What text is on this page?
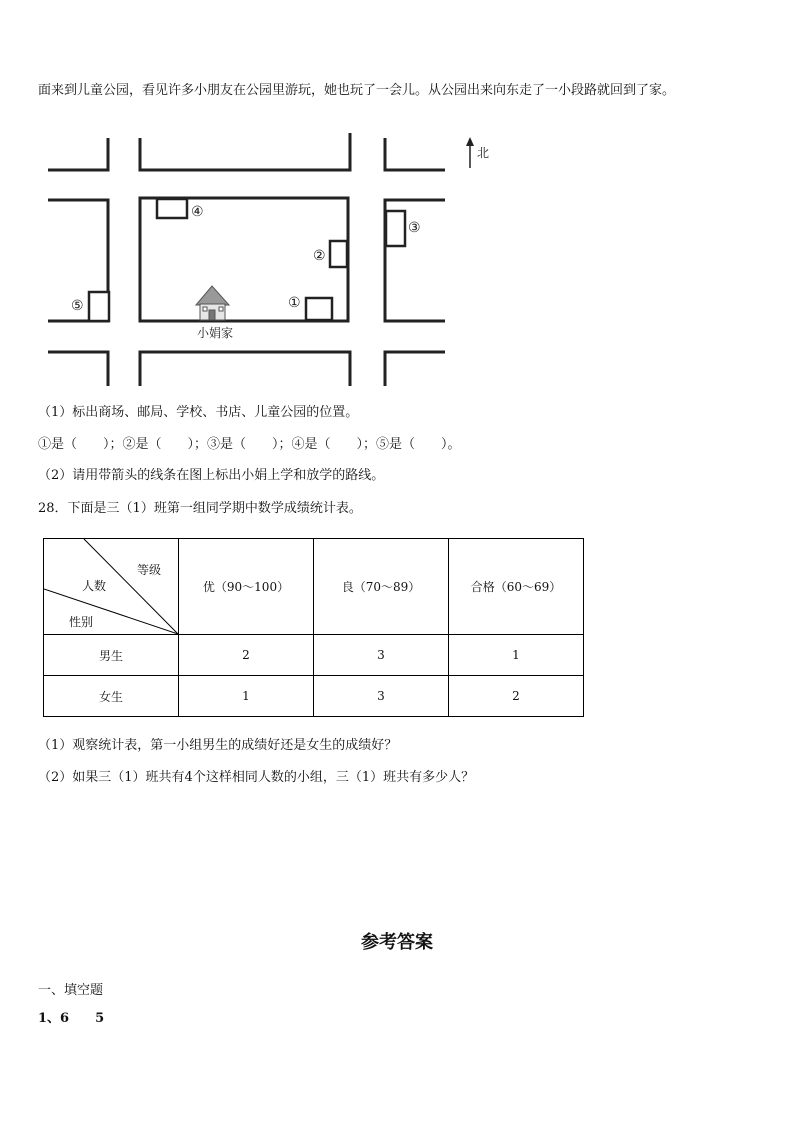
面来到儿童公园，看见许多小朋友在公园里游玩，她也玩了一会儿。从公园出来向东走了一小段路就回到了家。
小娟家
④
②
③
①
⑤
北
（1）标出商场、邮局、学校、书店、儿童公园的位置。
①是（　　）；②是（　　）；③是（　　）；④是（　　）；⑤是（　　）。
（2）请用带箭头的线条在图上标出小娟上学和放学的路线。
28．下面是三（1）班第一组同学期中数学成绩统计表。
等级
人数
性别	优（90～100）	良（70～89）	合格（60～69）
男生	2	3	1
女生	1	3	2
（1）观察统计表，第一小组男生的成绩好还是女生的成绩好？
（2）如果三（1）班共有4个这样相同人数的小组，三（1）班共有多少人？
参考答案
一、填空题
1、6　　5
